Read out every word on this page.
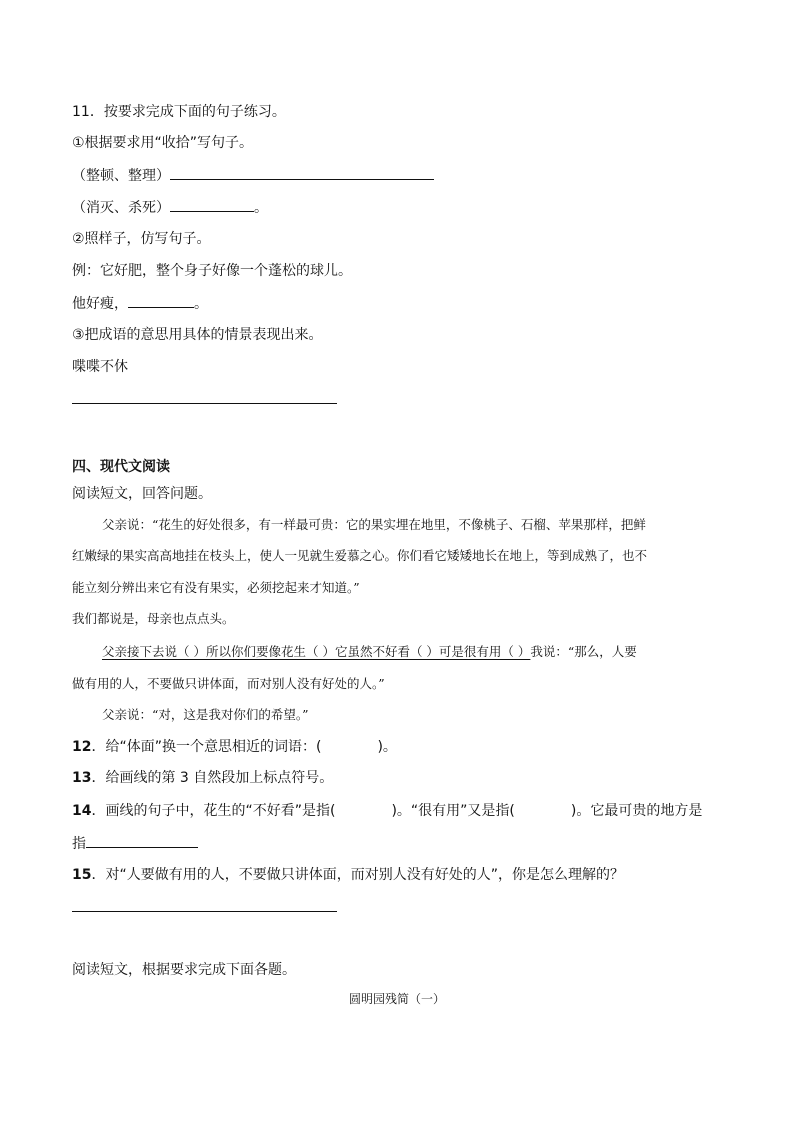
11．按要求完成下面的句子练习。
①根据要求用“收拾”写句子。
（整顿、整理）
（消灭、杀死）	。
②照样子，仿写句子。
例：它好肥，整个身子好像一个蓬松的球儿。
他好瘦，	。
③把成语的意思用具体的情景表现出来。
喋喋不休
四、现代文阅读
阅读短文，回答问题。
父亲说：“花生的好处很多，有一样最可贵：它的果实埋在地里，不像桃子、石榴、苹果那样，把鲜
红嫩绿的果实高高地挂在枝头上，使人一见就生爱慕之心。你们看它矮矮地长在地上，等到成熟了，也不
能立刻分辨出来它有没有果实，必须挖起来才知道。”
我们都说是，母亲也点点头。
父亲接下去说（ ）所以你们要像花生（ ）它虽然不好看（ ）可是很有用（ ）我说：“那么，人要
做有用的人，不要做只讲体面，而对别人没有好处的人。”
父亲说：“对，这是我对你们的希望。”
12．给“体面”换一个意思相近的词语：(　　　　)。
13．给画线的第 3 自然段加上标点符号。
14．画线的句子中，花生的“不好看”是指(　　　　)。“很有用”又是指(　　　　)。它最可贵的地方是
指
15．对“人要做有用的人，不要做只讲体面，而对别人没有好处的人”，你是怎么理解的？
阅读短文，根据要求完成下面各题。
圆明园残简（一）
